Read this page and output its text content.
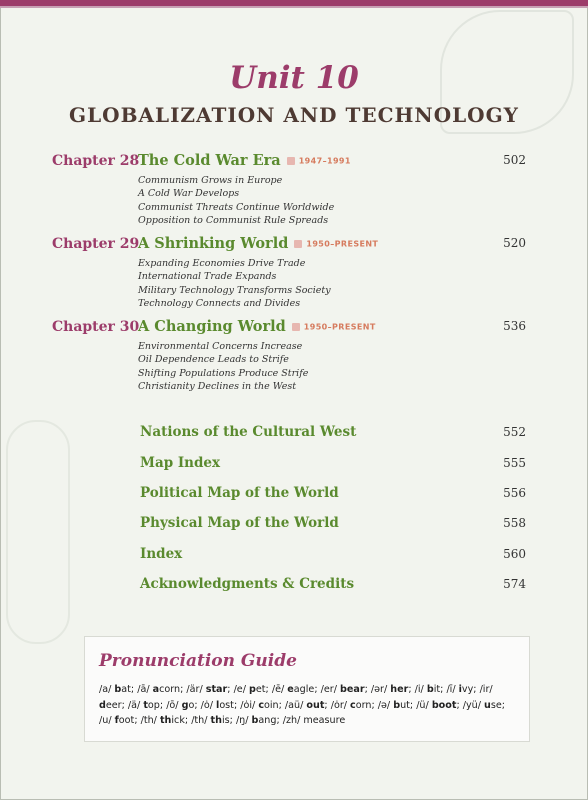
Unit 10
GLOBALIZATION AND TECHNOLOGY
Chapter 28
The Cold War Era 1947–1991	502
Communism Grows in Europe
A Cold War Develops
Communist Threats Continue Worldwide
Opposition to Communist Rule Spreads
Chapter 29
A Shrinking World 1950–PRESENT	520
Expanding Economies Drive Trade
International Trade Expands
Military Technology Transforms Society
Technology Connects and Divides
Chapter 30
A Changing World 1950–PRESENT	536
Environmental Concerns Increase
Oil Dependence Leads to Strife
Shifting Populations Produce Strife
Christianity Declines in the West
Nations of the Cultural West	552
Map Index	555
Political Map of the World	556
Physical Map of the World	558
Index	560
Acknowledgments & Credits	574
Pronunciation Guide
/a/ bat; /ā/ acorn; /är/ star; /e/ pet; /ē/ eagle; /er/ bear; /ər/ her; /i/ bit; /ī/ ivy; /ir/ deer; /ä/ top; /ō/ go; /ȯ/ lost; /ȯi/ coin; /aü/ out; /ȯr/ corn; /ə/ but; /ü/ boot; /yü/ use; /u/ foot; /th/ thick; /th/ this; /ŋ/ bang; /zh/ measure
